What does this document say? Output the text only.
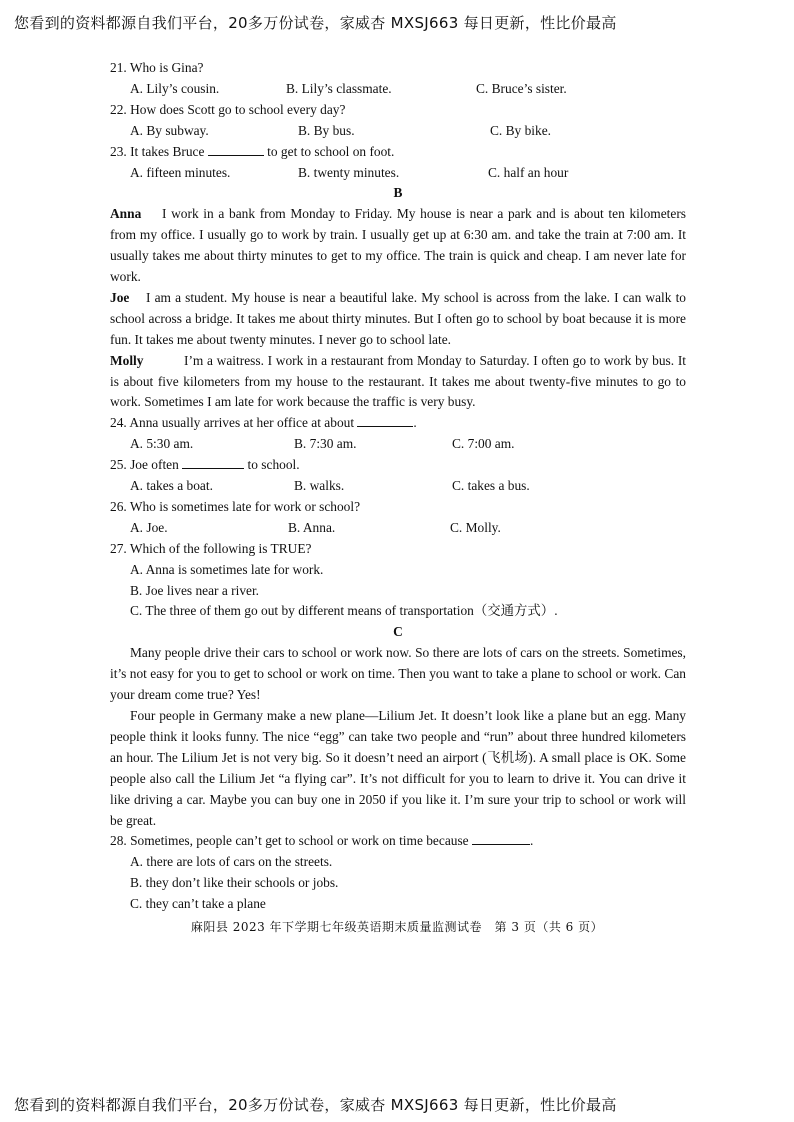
您看到的资料都源自我们平台，20多万份试卷，家威杏 MXSJ663 每日更新，性比价最高
21. Who is Gina?
A. Lily’s cousin.	B. Lily’s classmate.	C. Bruce’s sister.
22. How does Scott go to school every day?
A. By subway.	B. By bus.	C. By bike.
23. It takes Bruce	to get to school on foot.
A. fifteen minutes.	B. twenty minutes.	C. half an hour
B
Anna I work in a bank from Monday to Friday. My house is near a park and is about ten kilometers from my office. I usually go to work by train. I usually get up at 6:30 am. and take the train at 7:00 am. It usually takes me about thirty minutes to get to my office. The train is quick and cheap. I am never late for work.
Joe I am a student. My house is near a beautiful lake. My school is across from the lake. I can walk to school across a bridge. It takes me about thirty minutes. But I often go to school by boat because it is more fun. It takes me about twenty minutes. I never go to school late.
Molly	I’m a waitress. I work in a restaurant from Monday to Saturday. I often go to work by bus. It is about five kilometers from my house to the restaurant. It takes me about twenty-five minutes to go to work. Sometimes I am late for work because the traffic is very busy.
24. Anna usually arrives at her office at about	.
A. 5:30 am.	B. 7:30 am.	C. 7:00 am.
25. Joe often	to school.
A. takes a boat.	B. walks.	C. takes a bus.
26. Who is sometimes late for work or school?
A. Joe.	B. Anna.	C. Molly.
27. Which of the following is TRUE?
A. Anna is sometimes late for work.
B. Joe lives near a river.
C. The three of them go out by different means of transportation（交通方式）.
C
Many people drive their cars to school or work now. So there are lots of cars on the streets. Sometimes, it’s not easy for you to get to school or work on time. Then you want to take a plane to school or work. Can your dream come true? Yes!
Four people in Germany make a new plane—Lilium Jet. It doesn’t look like a plane but an egg. Many people think it looks funny. The nice “egg” can take two people and “run” about three hundred kilometers an hour. The Lilium Jet is not very big. So it doesn’t need an airport (飞机场). A small place is OK. Some people also call the Lilium Jet “a flying car”. It’s not difficult for you to learn to drive it. You can drive it like driving a car. Maybe you can buy one in 2050 if you like it. I’m sure your trip to school or work will be great.
28. Sometimes, people can’t get to school or work on time because	.
A. there are lots of cars on the streets.
B. they don’t like their schools or jobs.
C. they can’t take a plane
麻阳县 2023 年下学期七年级英语期末质量监测试卷　第 3 页（共 6 页）
您看到的资料都源自我们平台，20多万份试卷，家威杏 MXSJ663 每日更新，性比价最高
